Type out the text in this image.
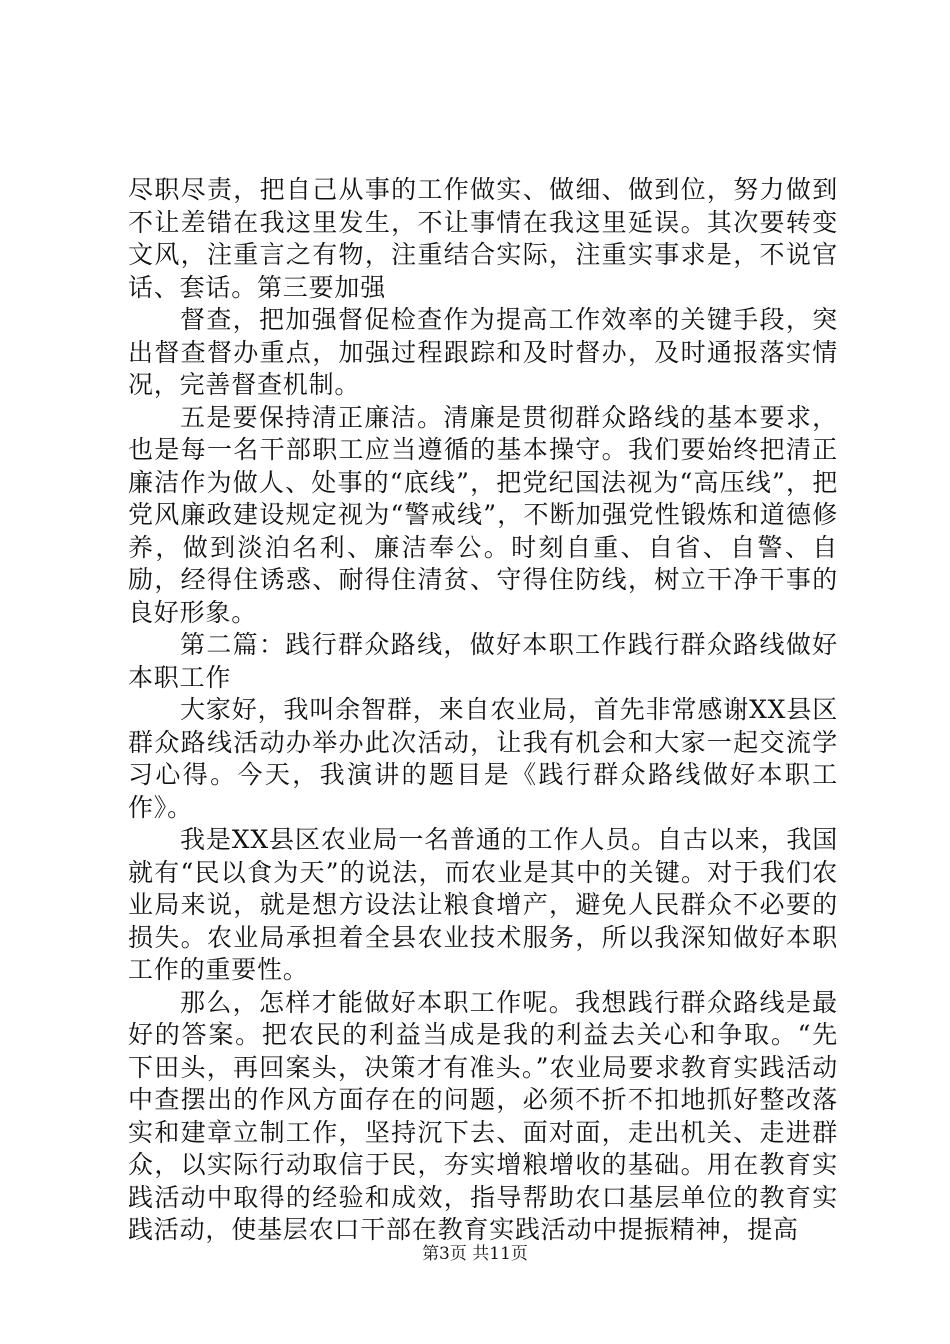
尽职尽责，把自己从事的工作做实、做细、做到位，努力做到不让差错在我这里发生，不让事情在我这里延误。其次要转变文风，注重言之有物，注重结合实际，注重实事求是，不说官话、套话。第三要加强

督查，把加强督促检查作为提高工作效率的关键手段，突出督查督办重点，加强过程跟踪和及时督办，及时通报落实情况，完善督查机制。

五是要保持清正廉洁。清廉是贯彻群众路线的基本要求，也是每一名干部职工应当遵循的基本操守。我们要始终把清正廉洁作为做人、处事的“底线”，把党纪国法视为“高压线”，把党风廉政建设规定视为“警戒线”，不断加强党性锻炼和道德修养，做到淡泊名利、廉洁奉公。时刻自重、自省、自警、自励，经得住诱惑、耐得住清贫、守得住防线，树立干净干事的良好形象。

第二篇：践行群众路线，做好本职工作践行群众路线做好本职工作

大家好，我叫余智群，来自农业局，首先非常感谢XX县区群众路线活动办举办此次活动，让我有机会和大家一起交流学习心得。今天，我演讲的题目是《践行群众路线做好本职工作》。

我是XX县区农业局一名普通的工作人员。自古以来，我国就有“民以食为天”的说法，而农业是其中的关键。对于我们农业局来说，就是想方设法让粮食增产，避免人民群众不必要的损失。农业局承担着全县农业技术服务，所以我深知做好本职工作的重要性。

那么，怎样才能做好本职工作呢。我想践行群众路线是最好的答案。把农民的利益当成是我的利益去关心和争取。“先下田头，再回案头，决策才有准头。”农业局要求教育实践活动中查摆出的作风方面存在的问题，必须不折不扣地抓好整改落实和建章立制工作，坚持沉下去、面对面，走出机关、走进群众，以实际行动取信于民，夯实增粮增收的基础。用在教育实践活动中取得的经验和成效，指导帮助农口基层单位的教育实践活动，使基层农口干部在教育实践活动中提振精神，提高

第3页 共11页
